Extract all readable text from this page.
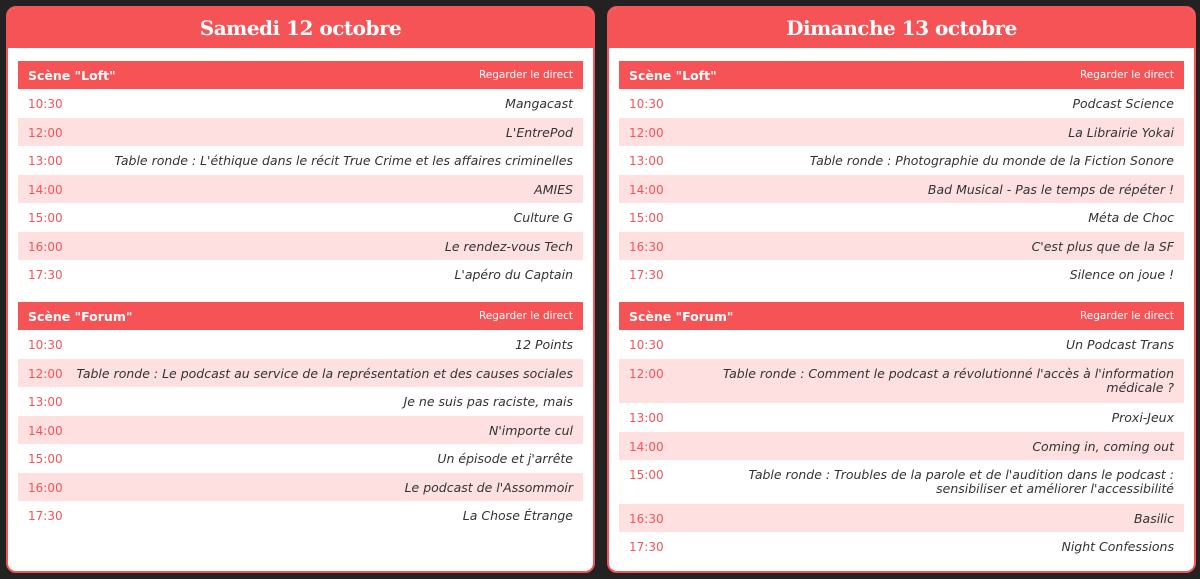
Samedi 12 octobre
Scène "Loft"	Regarder le direct
10:30	Mangacast
12:00	L'EntrePod
13:00	Table ronde : L'éthique dans le récit True Crime et les affaires criminelles
14:00	AMIES
15:00	Culture G
16:00	Le rendez-vous Tech
17:30	L'apéro du Captain
Scène "Forum"	Regarder le direct
10:30	12 Points
12:00	Table ronde : Le podcast au service de la représentation et des causes sociales
13:00	Je ne suis pas raciste, mais
14:00	N'importe cul
15:00	Un épisode et j'arrête
16:00	Le podcast de l'Assommoir
17:30	La Chose Étrange
Dimanche 13 octobre
Scène "Loft"	Regarder le direct
10:30	Podcast Science
12:00	La Librairie Yokai
13:00	Table ronde : Photographie du monde de la Fiction Sonore
14:00	Bad Musical - Pas le temps de répéter !
15:00	Méta de Choc
16:30	C'est plus que de la SF
17:30	Silence on joue !
Scène "Forum"	Regarder le direct
10:30	Un Podcast Trans
12:00	Table ronde : Comment le podcast a révolutionné l'accès à l'information médicale ?
13:00	Proxi-Jeux
14:00	Coming in, coming out
15:00	Table ronde : Troubles de la parole et de l'audition dans le podcast : sensibiliser et améliorer l'accessibilité
16:30	Basilic
17:30	Night Confessions
